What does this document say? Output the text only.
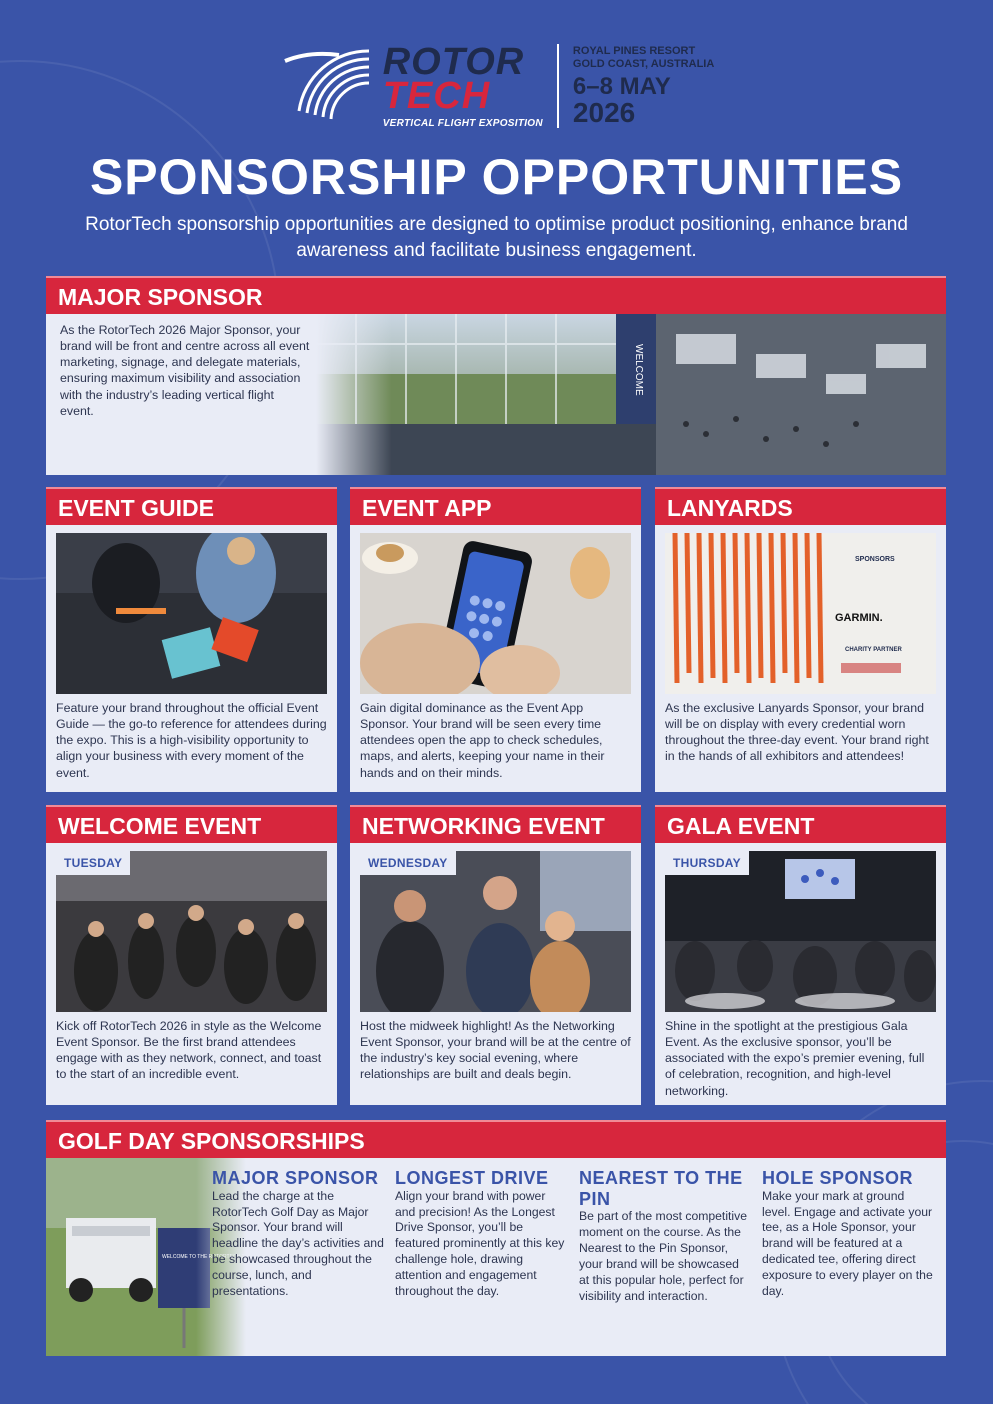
ROTOR
TECH
VERTICAL FLIGHT EXPOSITION
ROYAL PINES RESORT
GOLD COAST, AUSTRALIA
6–8 MAY
2026
SPONSORSHIP OPPORTUNITIES

RotorTech sponsorship opportunities are designed to optimise product positioning, enhance brand awareness and facilitate business engagement.

MAJOR SPONSOR
As the RotorTech 2026 Major Sponsor, your brand will be front and centre across all event marketing, signage, and delegate materials, ensuring maximum visibility and association with the industry’s leading vertical flight event.
EVENT GUIDE
Feature your brand throughout the official Event Guide — the go-to reference for attendees during the expo. This is a high-visibility opportunity to align your business with every moment of the event.
EVENT APP
Gain digital dominance as the Event App Sponsor. Your brand will be seen every time attendees open the app to check schedules, maps, and alerts, keeping your name in their hands and on their minds.
LANYARDS
SPONSORS
GARMIN.
CHARITY PARTNER
As the exclusive Lanyards Sponsor, your brand will be on display with every credential worn throughout the three-day event. Your brand right in the hands of all exhibitors and attendees!
WELCOME EVENT
TUESDAY
Kick off RotorTech 2026 in style as the Welcome Event Sponsor. Be the first brand attendees engage with as they network, connect, and toast to the start of an incredible event.
NETWORKING EVENT
WEDNESDAY
Host the midweek highlight! As the Networking Event Sponsor, your brand will be at the centre of the industry’s key social evening, where relationships are built and deals begin.
GALA EVENT
THURSDAY
Shine in the spotlight at the prestigious Gala Event. As the exclusive sponsor, you’ll be associated with the expo’s premier evening, full of celebration, recognition, and high-level networking.
GOLF DAY SPONSORSHIPS
MAJOR SPONSOR
Lead the charge at the RotorTech Golf Day as Major Sponsor. Your brand will headline the day’s activities and be showcased throughout the course, lunch, and presentations.
LONGEST DRIVE
Align your brand with power and precision! As the Longest Drive Sponsor, you’ll be featured prominently at this key challenge hole, drawing attention and engagement throughout the day.
NEAREST TO THE PIN
Be part of the most competitive moment on the course. As the Nearest to the Pin Sponsor, your brand will be showcased at this popular hole, perfect for visibility and interaction.
HOLE SPONSOR
Make your mark at ground level. Engage and activate your tee, as a Hole Sponsor, your brand will be featured at a dedicated tee, offering direct exposure to every player on the day.
